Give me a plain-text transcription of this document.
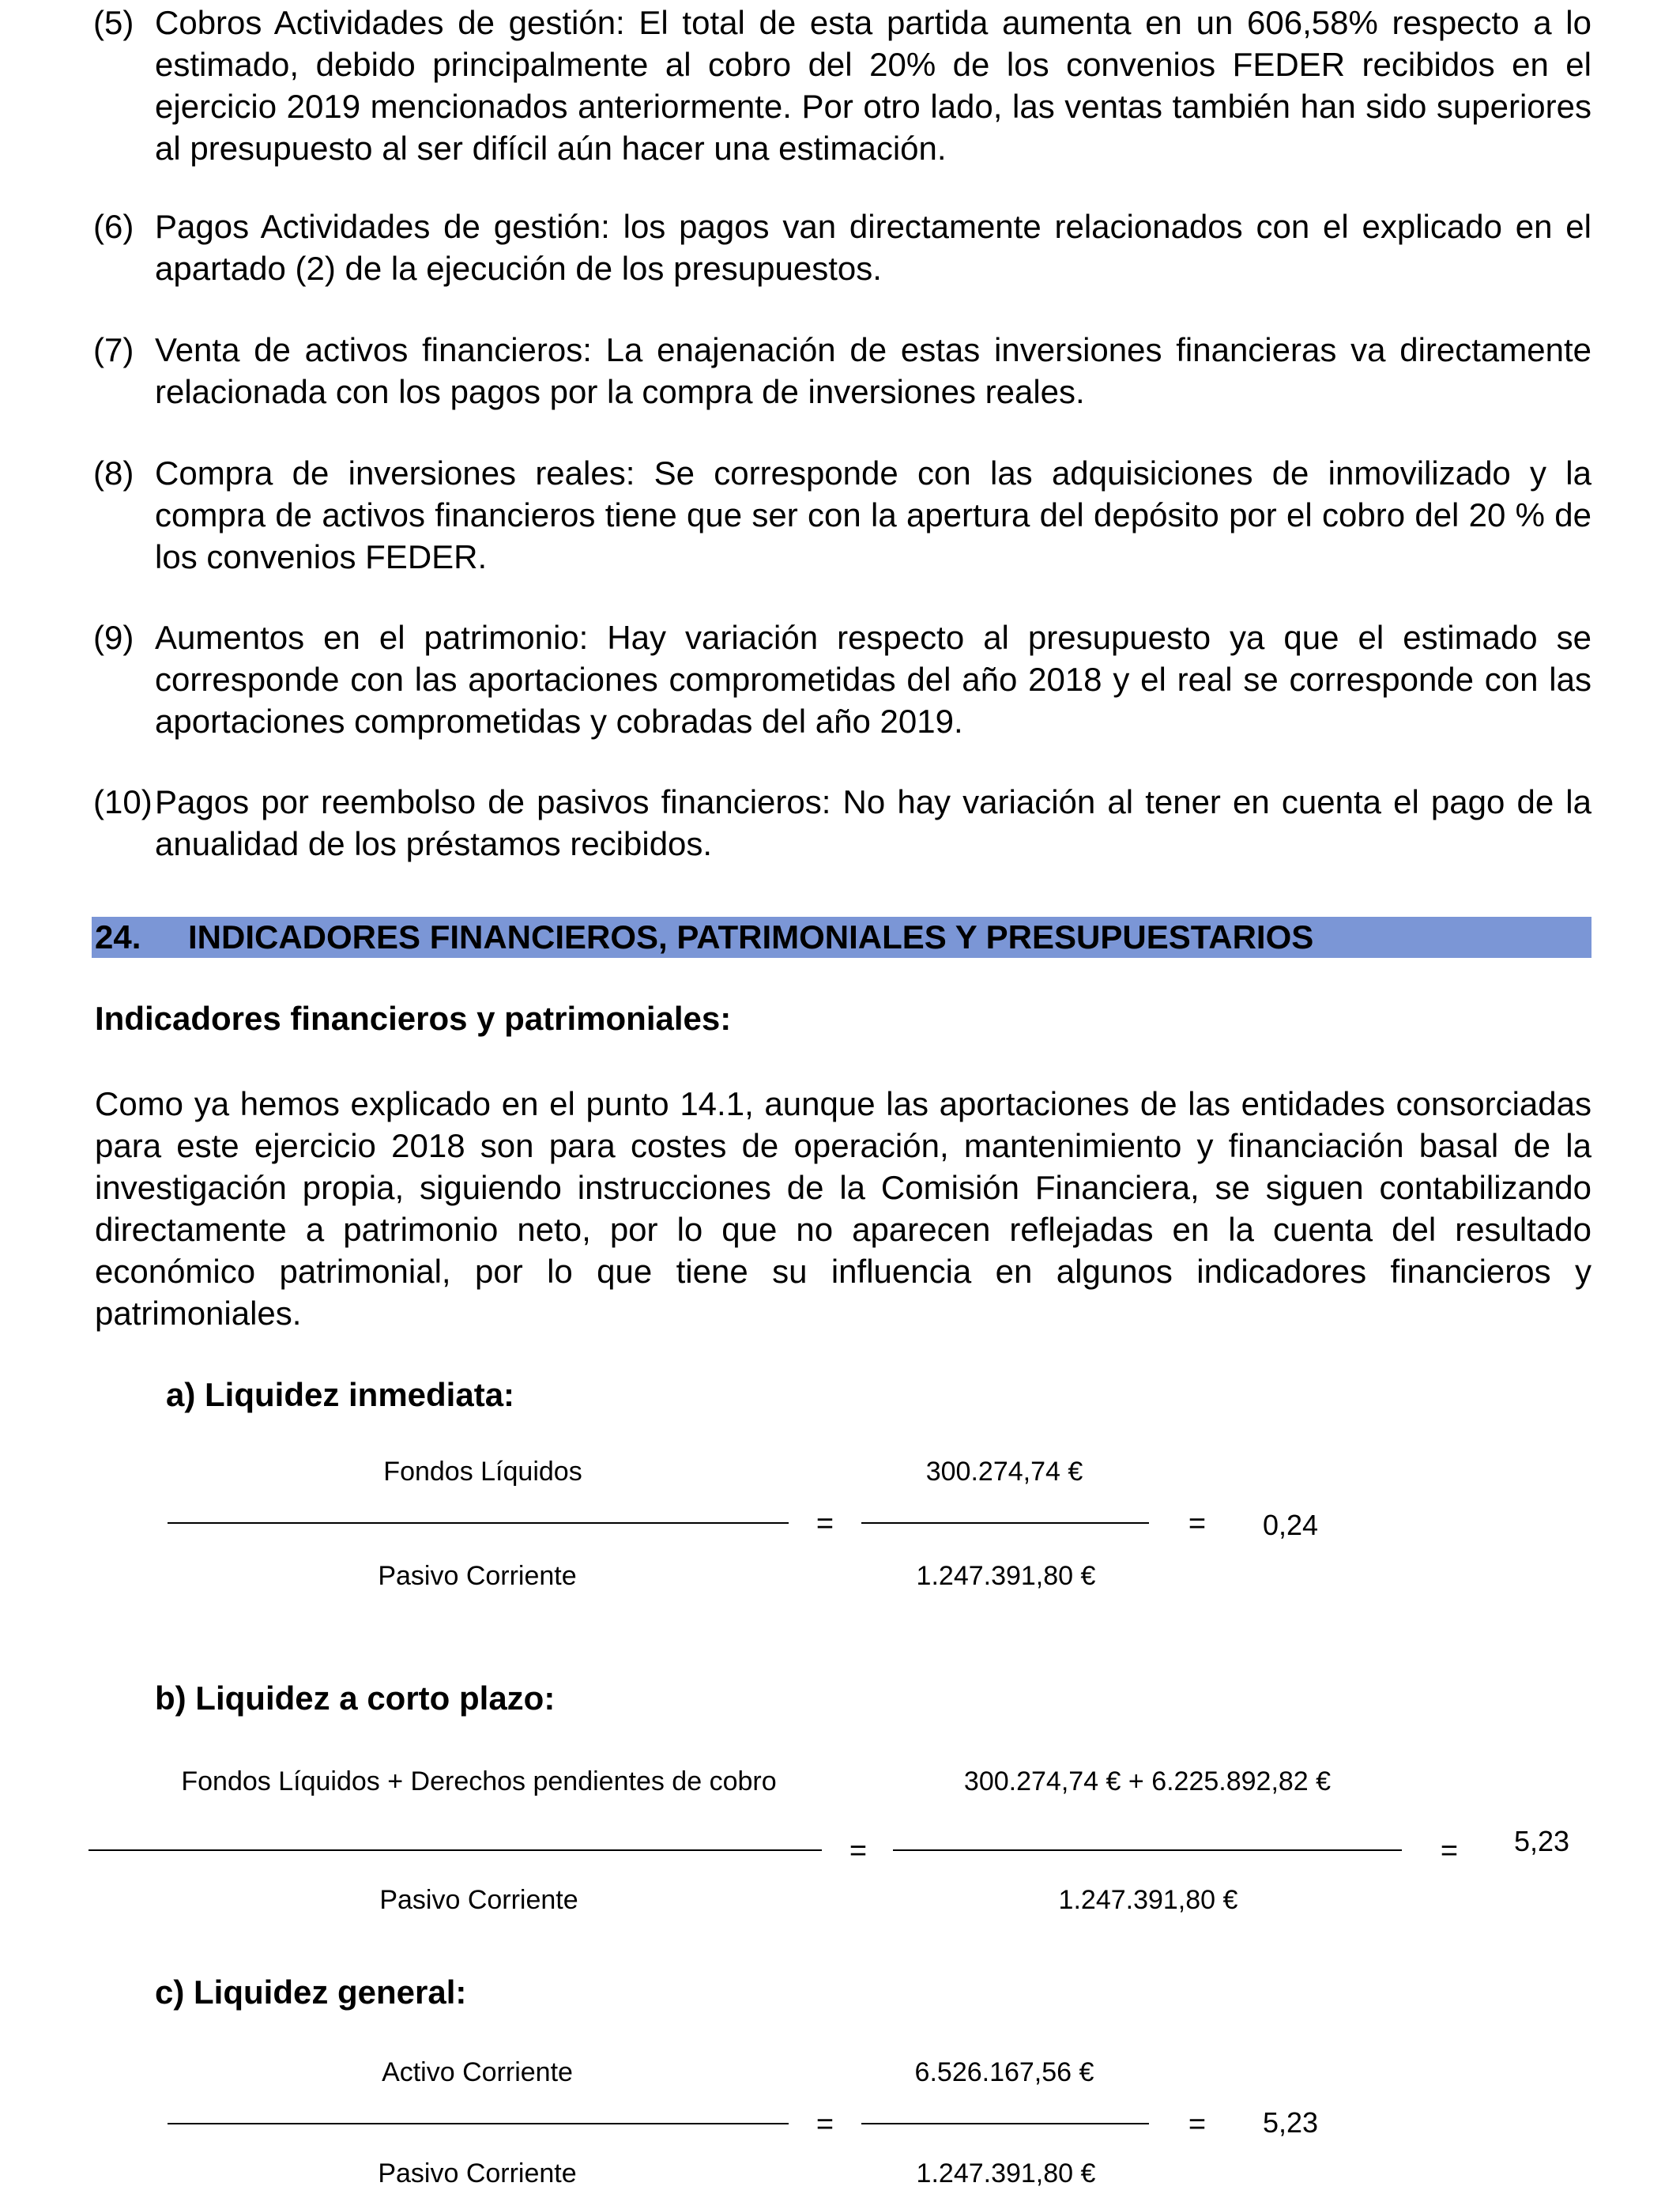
(5) Cobros Actividades de gestión: El total de esta partida aumenta en un 606,58% respecto a lo estimado, debido principalmente al cobro del 20% de los convenios FEDER recibidos en el ejercicio 2019 mencionados anteriormente. Por otro lado, las ventas también han sido superiores al presupuesto al ser difícil aún hacer una estimación.
(6) Pagos Actividades de gestión: los pagos van directamente relacionados con el explicado en el apartado (2) de la ejecución de los presupuestos.
(7) Venta de activos financieros: La enajenación de estas inversiones financieras va directamente relacionada con los pagos por la compra de inversiones reales.
(8) Compra de inversiones reales: Se corresponde con las adquisiciones de inmovilizado y la compra de activos financieros tiene que ser con la apertura del depósito por el cobro del 20 % de los convenios FEDER.
(9) Aumentos en el patrimonio: Hay variación respecto al presupuesto ya que el estimado se corresponde con las aportaciones comprometidas del año 2018 y el real se corresponde con las aportaciones comprometidas y cobradas del año 2019.
(10) Pagos por reembolso de pasivos financieros: No hay variación al tener en cuenta el pago de la anualidad de los préstamos recibidos.
24. INDICADORES FINANCIEROS, PATRIMONIALES Y PRESUPUESTARIOS
Indicadores financieros y patrimoniales:
Como ya hemos explicado en el punto 14.1, aunque las aportaciones de las entidades consorciadas para este ejercicio 2018 son para costes de operación, mantenimiento y financiación basal de la investigación propia, siguiendo instrucciones de la Comisión Financiera, se siguen contabilizando directamente a patrimonio neto, por lo que no aparecen reflejadas en la cuenta del resultado económico patrimonial, por lo que tiene su influencia en algunos indicadores financieros y patrimoniales.
a) Liquidez inmediata:
Fondos Líquidos
Pasivo Corriente
=
300.274,74 €
1.247.391,80 €
= 0,24
b) Liquidez a corto plazo:
Fondos Líquidos + Derechos pendientes de cobro
Pasivo Corriente
=
300.274,74 € + 6.225.892,82 €
1.247.391,80 €
= 5,23
c) Liquidez general:
Activo Corriente
Pasivo Corriente
=
6.526.167,56 €
1.247.391,80 €
= 5,23
